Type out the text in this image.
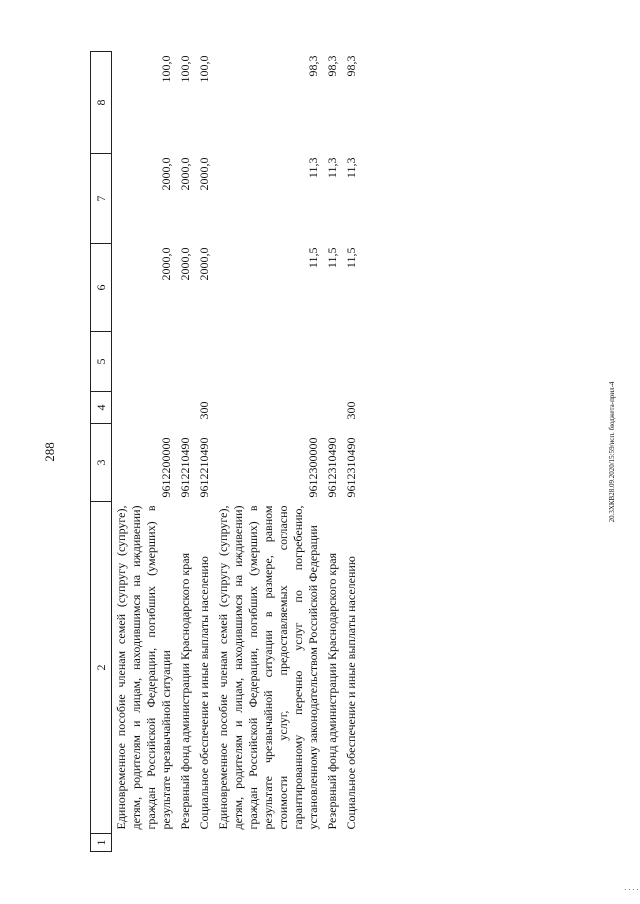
288
1	2	3	4	5	6	7	8
	Единовременное пособие членам семей (супругу (супруге), детям, родителям и лицам, находившимся на иждивении) граждан Российской Федерации, погибших (умерших) в результате чрезвычайной ситуации	9612200000			2000,0	2000,0	100,0
	Резервный фонд администрации Краснодарского края	9612210490			2000,0	2000,0	100,0
	Социальное обеспечение и иные выплаты населению	9612210490	300		2000,0	2000,0	100,0
	Единовременное пособие членам семей (супругу (супруге), детям, родителям и лицам, находившимся на иждивении) граждан Российской Федерации, погибших (умерших) в результате чрезвычайной ситуации в размере, равном стоимости услуг, предоставляемых согласно гарантированному перечню услуг по погребению, установленному законодательством Российской Федерации	9612300000			11,5	11,3	98,3
	Резервный фонд администрации Краснодарского края	9612310490			11,5	11,3	98,3
	Социальное обеспечение и иные выплаты населению	9612310490	300		11,5	11,3	98,3
20.3ХКВ28.09.2020/15:59/исп. бюджета-прил-4
· · · ·
